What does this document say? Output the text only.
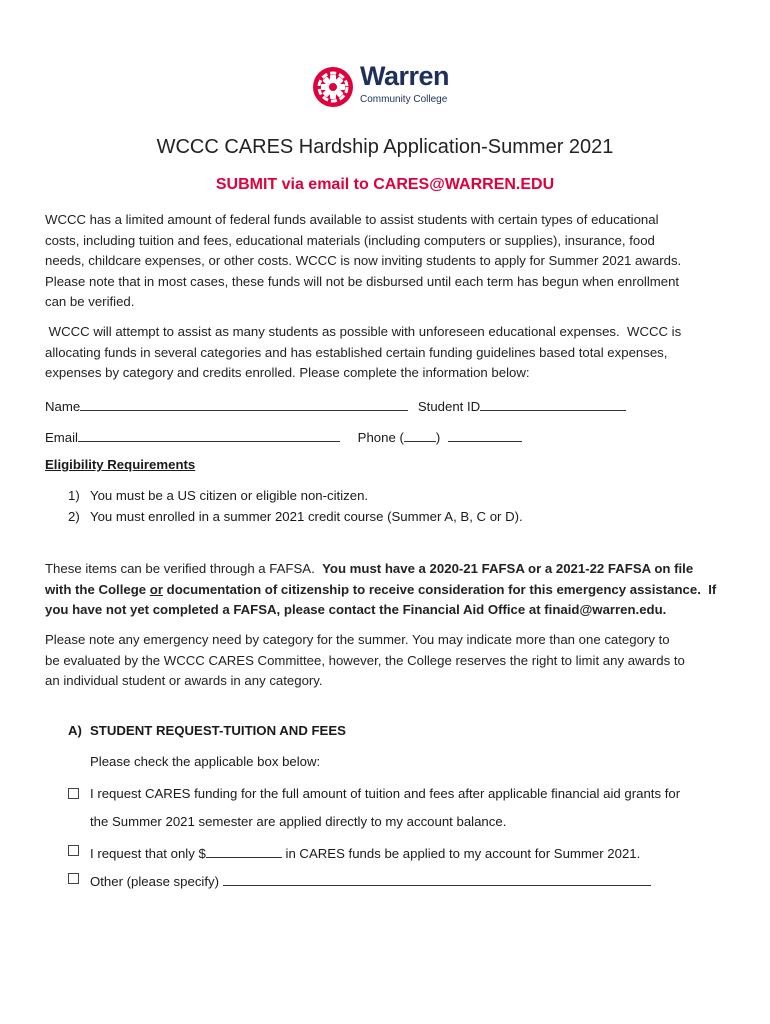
Warren
Community College
WCCC CARES Hardship Application-Summer 2021
SUBMIT via email to CARES@WARREN.EDU
WCCC has a limited amount of federal funds available to assist students with certain types of educational
costs, including tuition and fees, educational materials (including computers or supplies), insurance, food
needs, childcare expenses, or other costs. WCCC is now inviting students to apply for Summer 2021 awards.
Please note that in most cases, these funds will not be disbursed until each term has begun when enrollment
can be verified.
WCCC will attempt to assist as many students as possible with unforeseen educational expenses.  WCCC is
allocating funds in several categories and has established certain funding guidelines based total expenses,
expenses by category and credits enrolled. Please complete the information below:
Name	Student ID
Email	Phone ( )
Eligibility Requirements
1) You must be a US citizen or eligible non-citizen.
2) You must enrolled in a summer 2021 credit course (Summer A, B, C or D).
These items can be verified through a FAFSA.  You must have a 2020-21 FAFSA or a 2021-22 FAFSA on file
with the College or documentation of citizenship to receive consideration for this emergency assistance.  If
you have not yet completed a FAFSA, please contact the Financial Aid Office at finaid@warren.edu.
Please note any emergency need by category for the summer. You may indicate more than one category to
be evaluated by the WCCC CARES Committee, however, the College reserves the right to limit any awards to
an individual student or awards in any category.
A) STUDENT REQUEST-TUITION AND FEES
Please check the applicable box below:
I request CARES funding for the full amount of tuition and fees after applicable financial aid grants for
the Summer 2021 semester are applied directly to my account balance.
I request that only $	in CARES funds be applied to my account for Summer 2021.
Other (please specify)
